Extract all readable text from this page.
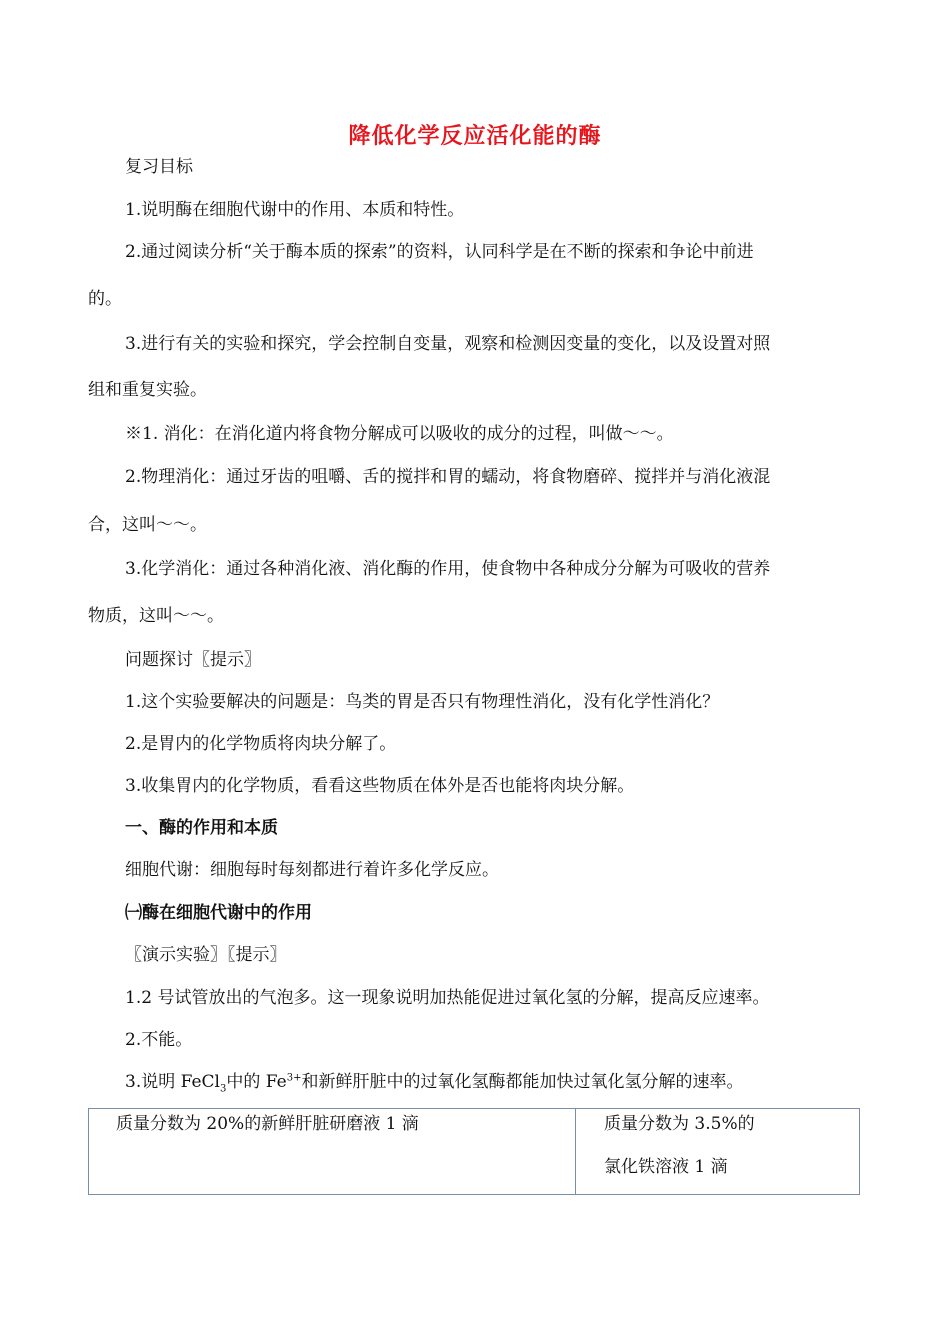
降低化学反应活化能的酶
复习目标
1.说明酶在细胞代谢中的作用、本质和特性。
2.通过阅读分析“关于酶本质的探索”的资料，认同科学是在不断的探索和争论中前进
的。
3.进行有关的实验和探究，学会控制自变量，观察和检测因变量的变化，以及设置对照
组和重复实验。
※1. 消化：在消化道内将食物分解成可以吸收的成分的过程，叫做～～。
2.物理消化：通过牙齿的咀嚼、舌的搅拌和胃的蠕动，将食物磨碎、搅拌并与消化液混
合，这叫～～。
3.化学消化：通过各种消化液、消化酶的作用，使食物中各种成分分解为可吸收的营养
物质，这叫～～。
问题探讨〖提示〗
1.这个实验要解决的问题是：鸟类的胃是否只有物理性消化，没有化学性消化？
2.是胃内的化学物质将肉块分解了。
3.收集胃内的化学物质，看看这些物质在体外是否也能将肉块分解。
一、酶的作用和本质
细胞代谢：细胞每时每刻都进行着许多化学反应。
㈠酶在细胞代谢中的作用
〖演示实验〗〖提示〗
1.2 号试管放出的气泡多。这一现象说明加热能促进过氧化氢的分解，提高反应速率。
2.不能。
3.说明 FeCl$_3$中的 $Fe^{3+}$和新鲜肝脏中的过氧化氢酶都能加快过氧化氢分解的速率。
质量分数为 20%的新鲜肝脏研磨液 1 滴	质量分数为 3.5%的
氯化铁溶液 1 滴
